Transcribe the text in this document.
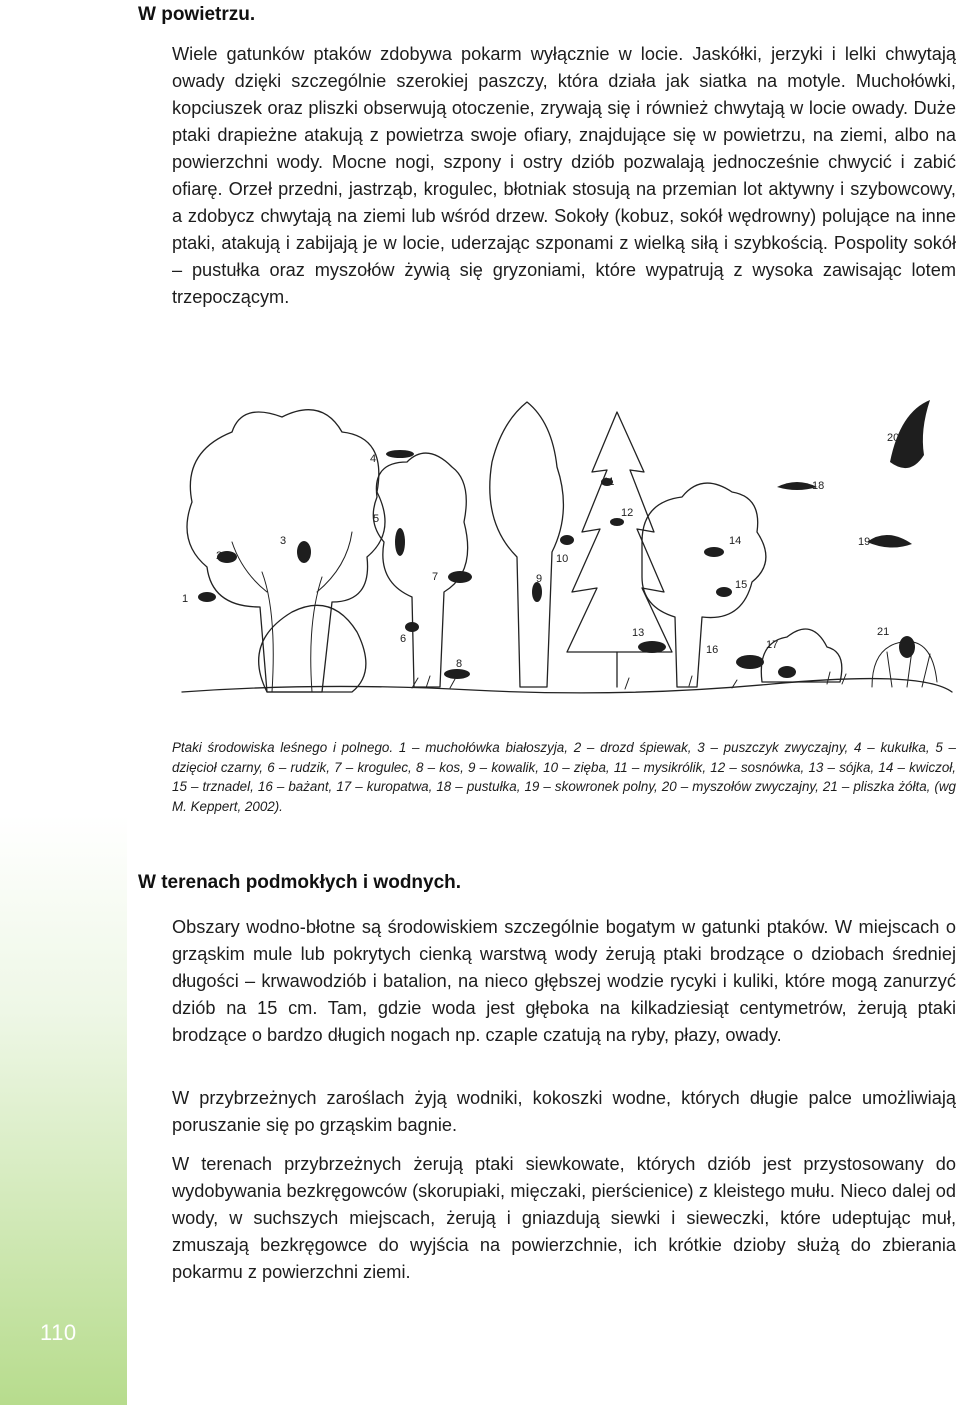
110
W powietrzu.

Wiele gatunków ptaków zdobywa pokarm wyłącznie w locie. Jaskółki, jerzyki i lelki chwytają owady dzięki szczególnie szerokiej paszczy, która działa jak siatka na motyle. Muchołówki, kopciuszek oraz pliszki obserwują otoczenie, zrywają się i również chwytają w locie owady. Duże ptaki drapieżne atakują z powietrza swoje ofiary, znajdujące się w powietrzu, na ziemi, albo na powierzchni wody. Mocne nogi, szpony i ostry dziób pozwalają jednocześnie chwycić i zabić ofiarę. Orzeł przedni, jastrząb, krogulec, błotniak stosują na przemian lot aktywny i szybowcowy, a zdobycz chwytają na ziemi lub wśród drzew. Sokoły (kobuz, sokół wędrowny) polujące na inne ptaki, atakują i zabijają je w locie, uderzając szponami z wielką siłą i szybkością. Pospolity sokół – pustułka oraz myszołów żywią się gryzoniami, które wypatrują z wysoka zawisając lotem trzepoczącym.

1
2
3
4
5
6
7
8
9
10
11
12
13
14
15
16	17
18
19
20
21

Ptaki środowiska leśnego i polnego. 1 – muchołówka białoszyja, 2 – drozd śpiewak, 3 – puszczyk zwyczajny, 4 – kukułka, 5 – dzięcioł czarny, 6 – rudzik, 7 – krogulec, 8 – kos, 9 – kowalik, 10 – zięba, 11 – mysikrólik, 12 – sosnówka, 13 – sójka, 14 – kwiczoł, 15 – trznadel, 16 – bażant, 17 – kuropatwa, 18 – pustułka, 19 – skowronek polny, 20 – myszołów zwyczajny, 21 – pliszka żółta, (wg M. Keppert, 2002).

W terenach podmokłych i wodnych.

Obszary wodno-błotne są środowiskiem szczególnie bogatym w gatunki ptaków. W miejscach o grząskim mule lub pokrytych cienką warstwą wody żerują ptaki brodzące o dziobach średniej długości – krwawodziób i batalion, na nieco głębszej wodzie rycyki i kuliki, które mogą zanurzyć dziób na 15 cm. Tam, gdzie woda jest głęboka na kilkadziesiąt centymetrów, żerują ptaki brodzące o bardzo długich nogach np. czaple czatują na ryby, płazy, owady.

W przybrzeżnych zaroślach żyją wodniki, kokoszki wodne, których długie palce umożliwiają poruszanie się po grząskim bagnie.

W terenach przybrzeżnych żerują ptaki siewkowate, których dziób jest przystosowany do wydobywania bezkręgowców (skorupiaki, mięczaki, pierścienice) z kleistego mułu. Nieco dalej od wody, w suchszych miejscach, żerują i gniazdują siewki i sieweczki, które udeptując muł, zmuszają bezkręgowce do wyjścia na powierzchnie, ich krótkie dzioby służą do zbierania pokarmu z powierzchni ziemi.
